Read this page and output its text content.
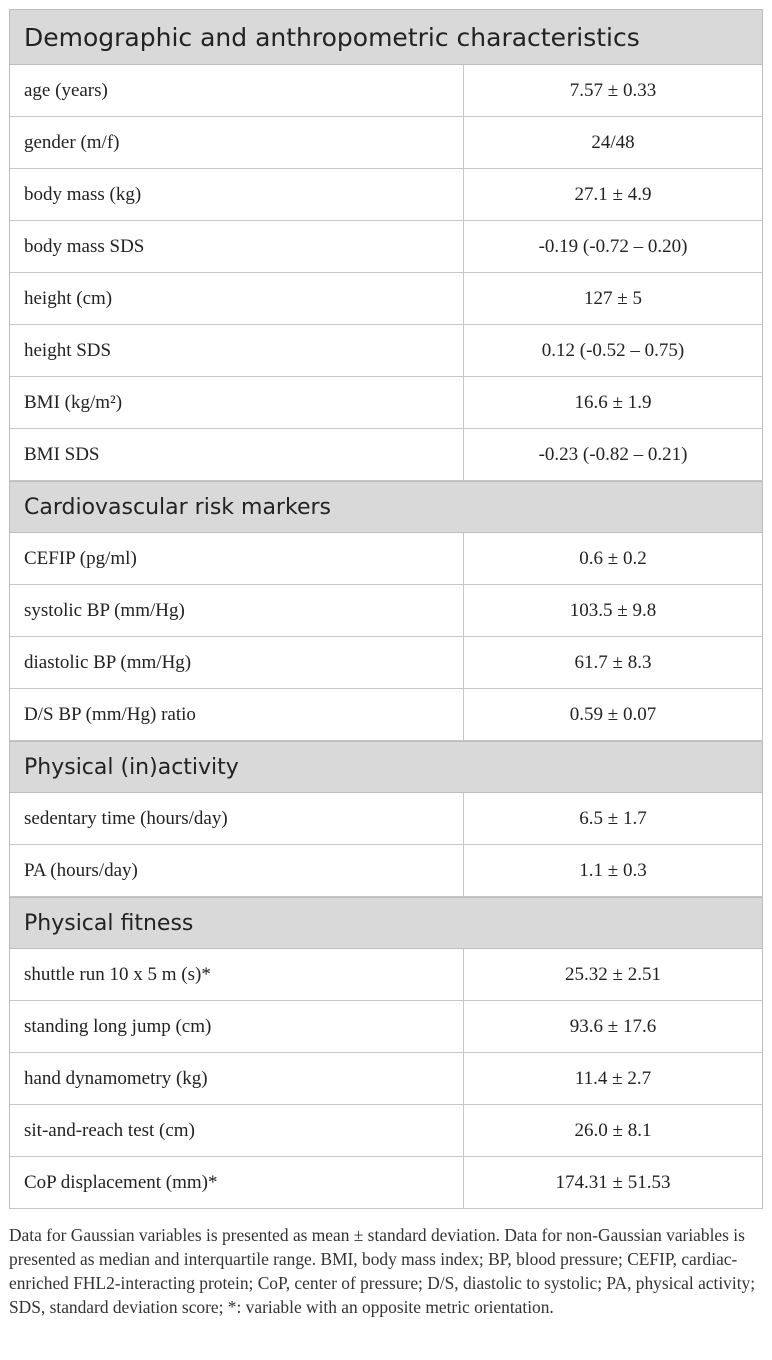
Demographic and anthropometric characteristics
age (years)	7.57 ± 0.33
gender (m/f)	24/48
body mass (kg)	27.1 ± 4.9
body mass SDS	-0.19 (-0.72 – 0.20)
height (cm)	127 ± 5
height SDS	0.12 (-0.52 – 0.75)
BMI (kg/m²)	16.6 ± 1.9
BMI SDS	-0.23 (-0.82 – 0.21)
Cardiovascular risk markers
CEFIP (pg/ml)	0.6 ± 0.2
systolic BP (mm/Hg)	103.5 ± 9.8
diastolic BP (mm/Hg)	61.7 ± 8.3
D/S BP (mm/Hg) ratio	0.59 ± 0.07
Physical (in)activity
sedentary time (hours/day)	6.5 ± 1.7
PA (hours/day)	1.1 ± 0.3
Physical fitness
shuttle run 10 x 5 m (s)*	25.32 ± 2.51
standing long jump (cm)	93.6 ± 17.6
hand dynamometry (kg)	11.4 ± 2.7
sit-and-reach test (cm)	26.0 ± 8.1
CoP displacement (mm)*	174.31 ± 51.53
Data for Gaussian variables is presented as mean ± standard deviation. Data for non-Gaussian variables is presented as median and interquartile range. BMI, body mass index; BP, blood pressure; CEFIP, cardiac-enriched FHL2-interacting protein; CoP, center of pressure; D/S, diastolic to systolic; PA, physical activity; SDS, standard deviation score; *: variable with an opposite metric orientation.
